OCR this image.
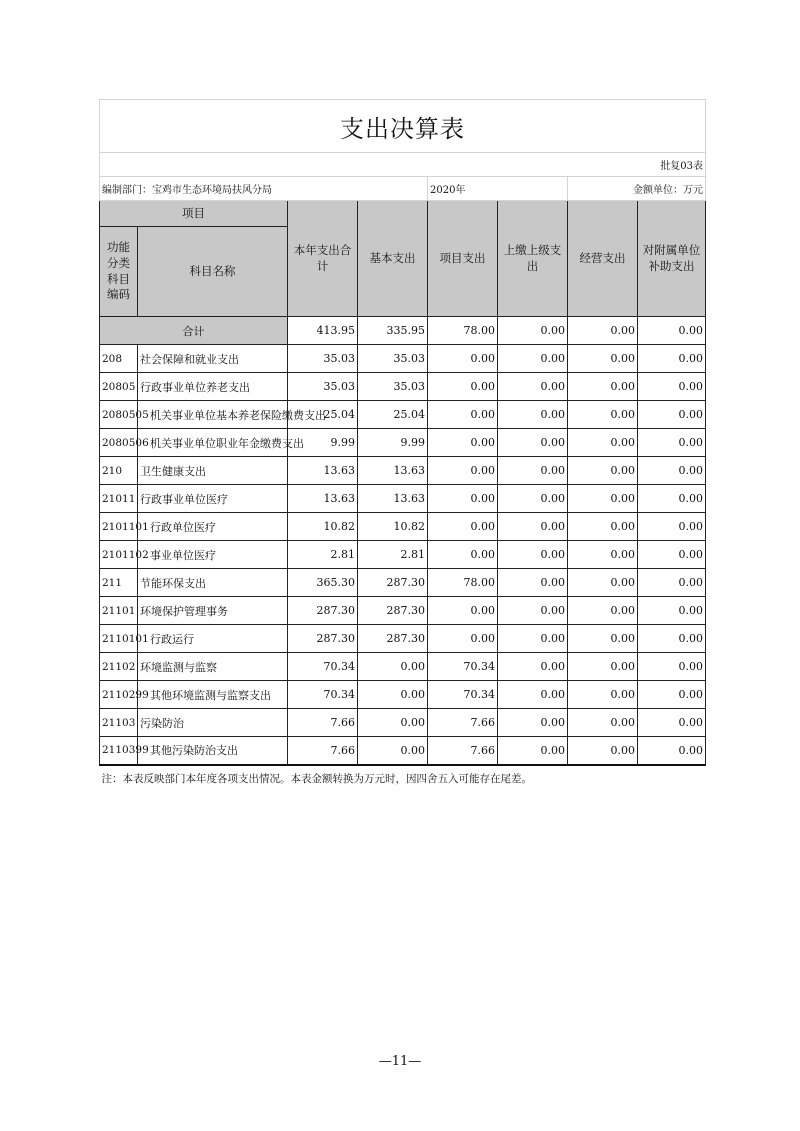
支出决算表							
批复03表							
编制部门：宝鸡市生态环境局扶风分局				2020年		金额单位：万元	
项目		本年支出合计	基本支出	项目支出	上缴上级支出	经营支出	对附属单位补助支出
功能分类科目编码	科目名称						
合计		413.95	335.95	78.00	0.00	0.00	0.00
208	社会保障和就业支出	35.03	35.03	0.00	0.00	0.00	0.00
20805	行政事业单位养老支出	35.03	35.03	0.00	0.00	0.00	0.00
2080505	机关事业单位基本养老保险缴费支出	25.04	25.04	0.00	0.00	0.00	0.00
2080506	机关事业单位职业年金缴费支出	9.99	9.99	0.00	0.00	0.00	0.00
210	卫生健康支出	13.63	13.63	0.00	0.00	0.00	0.00
21011	行政事业单位医疗	13.63	13.63	0.00	0.00	0.00	0.00
2101101	行政单位医疗	10.82	10.82	0.00	0.00	0.00	0.00
2101102	事业单位医疗	2.81	2.81	0.00	0.00	0.00	0.00
211	节能环保支出	365.30	287.30	78.00	0.00	0.00	0.00
21101	环境保护管理事务	287.30	287.30	0.00	0.00	0.00	0.00
2110101	行政运行	287.30	287.30	0.00	0.00	0.00	0.00
21102	环境监测与监察	70.34	0.00	70.34	0.00	0.00	0.00
2110299	其他环境监测与监察支出	70.34	0.00	70.34	0.00	0.00	0.00
21103	污染防治	7.66	0.00	7.66	0.00	0.00	0.00
2110399	其他污染防治支出	7.66	0.00	7.66	0.00	0.00	0.00
注：本表反映部门本年度各项支出情况。本表金额转换为万元时，因四舍五入可能存在尾差。							
—11—
